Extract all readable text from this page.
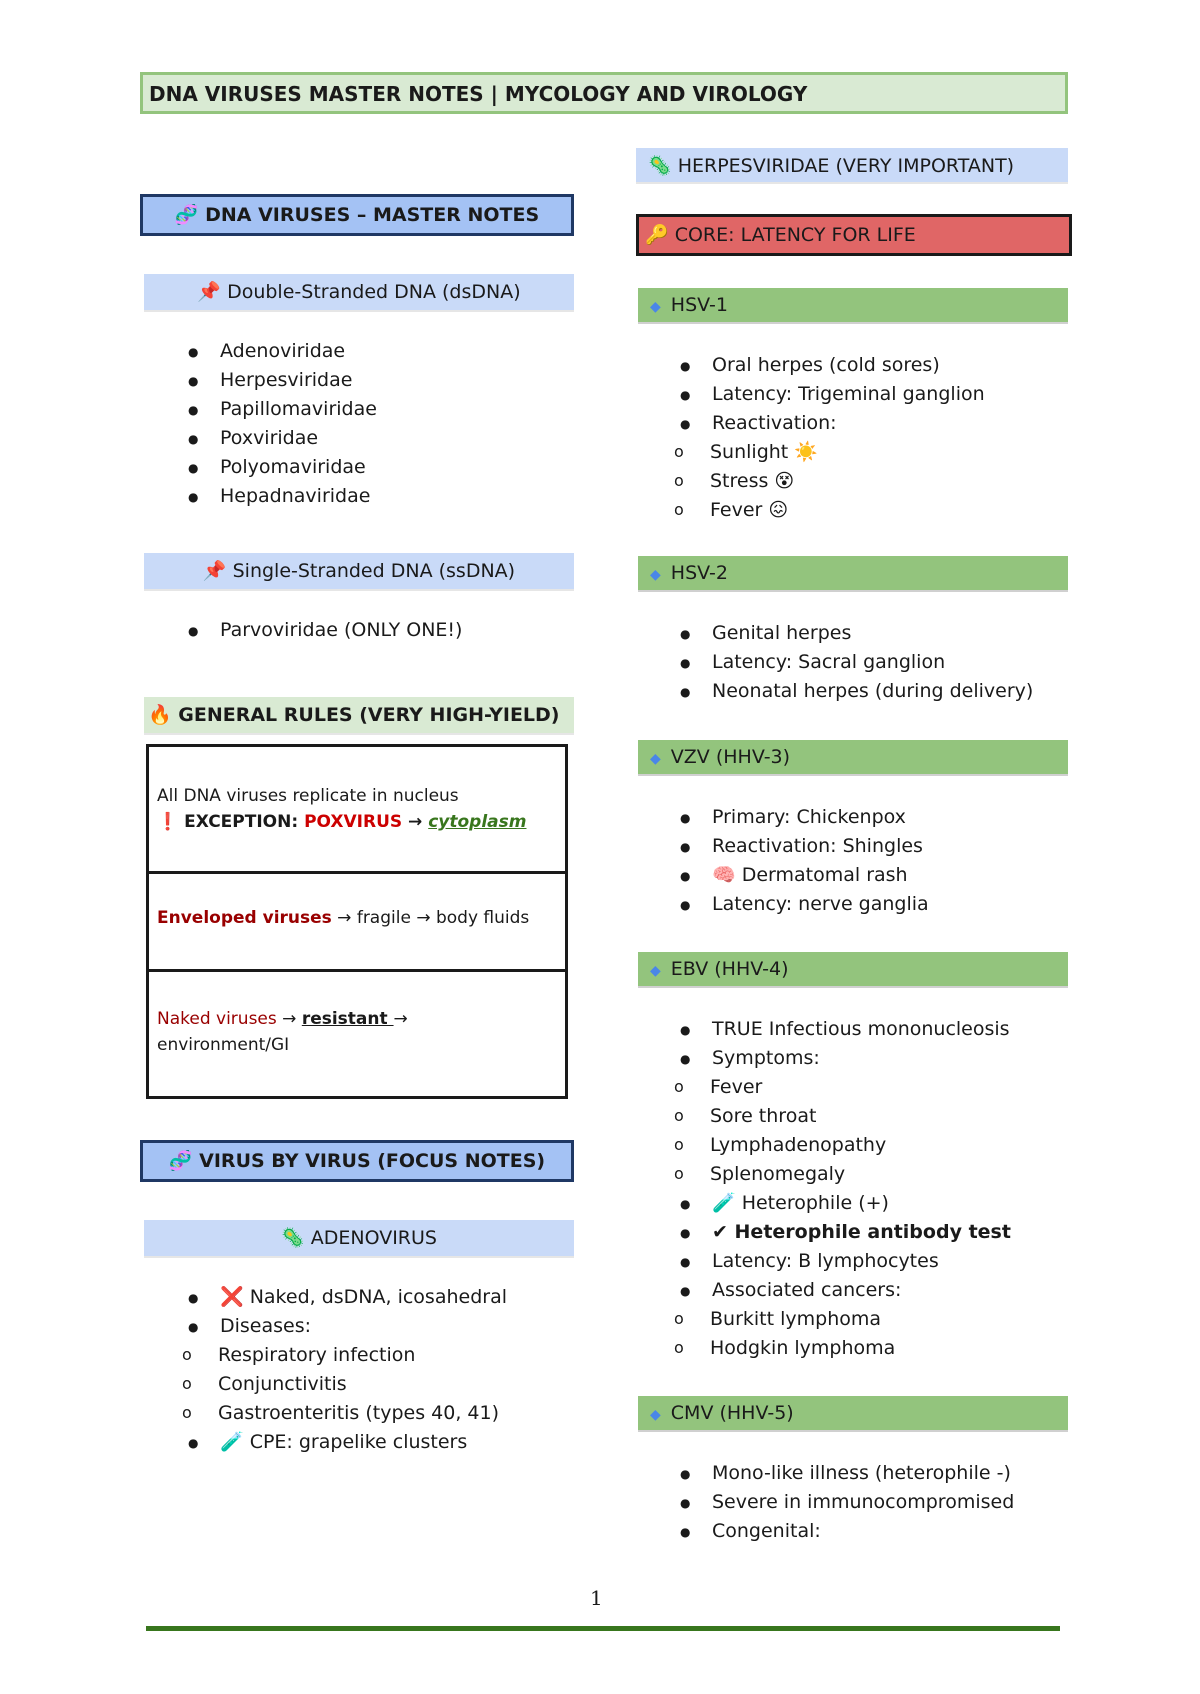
DNA VIRUSES MASTER NOTES | MYCOLOGY AND VIROLOGY
🧬 DNA VIRUSES – MASTER NOTES
📌 Double-Stranded DNA (dsDNA)
● Adenoviridae
● Herpesviridae
● Papillomaviridae
● Poxviridae
● Polyomaviridae
● Hepadnaviridae
📌 Single-Stranded DNA (ssDNA)
● Parvoviridae (ONLY ONE!)
🔥 GENERAL RULES (VERY HIGH-YIELD)
All DNA viruses replicate in nucleus
❗ EXCEPTION: POXVIRUS → cytoplasm
Enveloped viruses → fragile → body fluids
Naked viruses → resistant →
environment/GI
🧬 VIRUS BY VIRUS (FOCUS NOTES)
🦠 ADENOVIRUS
● ❌ Naked, dsDNA, icosahedral
● Diseases:
o Respiratory infection
o Conjunctivitis
o Gastroenteritis (types 40, 41)
● 🧪 CPE: grapelike clusters
🦠 HERPESVIRIDAE (VERY IMPORTANT)
🔑 CORE: LATENCY FOR LIFE
◆ HSV-1
● Oral herpes (cold sores)
● Latency: Trigeminal ganglion
● Reactivation:
o Sunlight ☀️
o Stress 😵
o Fever 😖
◆ HSV-2
● Genital herpes
● Latency: Sacral ganglion
● Neonatal herpes (during delivery)
◆ VZV (HHV-3)
● Primary: Chickenpox
● Reactivation: Shingles
● 🧠 Dermatomal rash
● Latency: nerve ganglia
◆ EBV (HHV-4)
● TRUE Infectious mononucleosis
● Symptoms:
o Fever
o Sore throat
o Lymphadenopathy
o Splenomegaly
● 🧪 Heterophile (+)
● ✔ Heterophile antibody test
● Latency: B lymphocytes
● Associated cancers:
o Burkitt lymphoma
o Hodgkin lymphoma
◆ CMV (HHV-5)
● Mono-like illness (heterophile -)
● Severe in immunocompromised
● Congenital:
1
